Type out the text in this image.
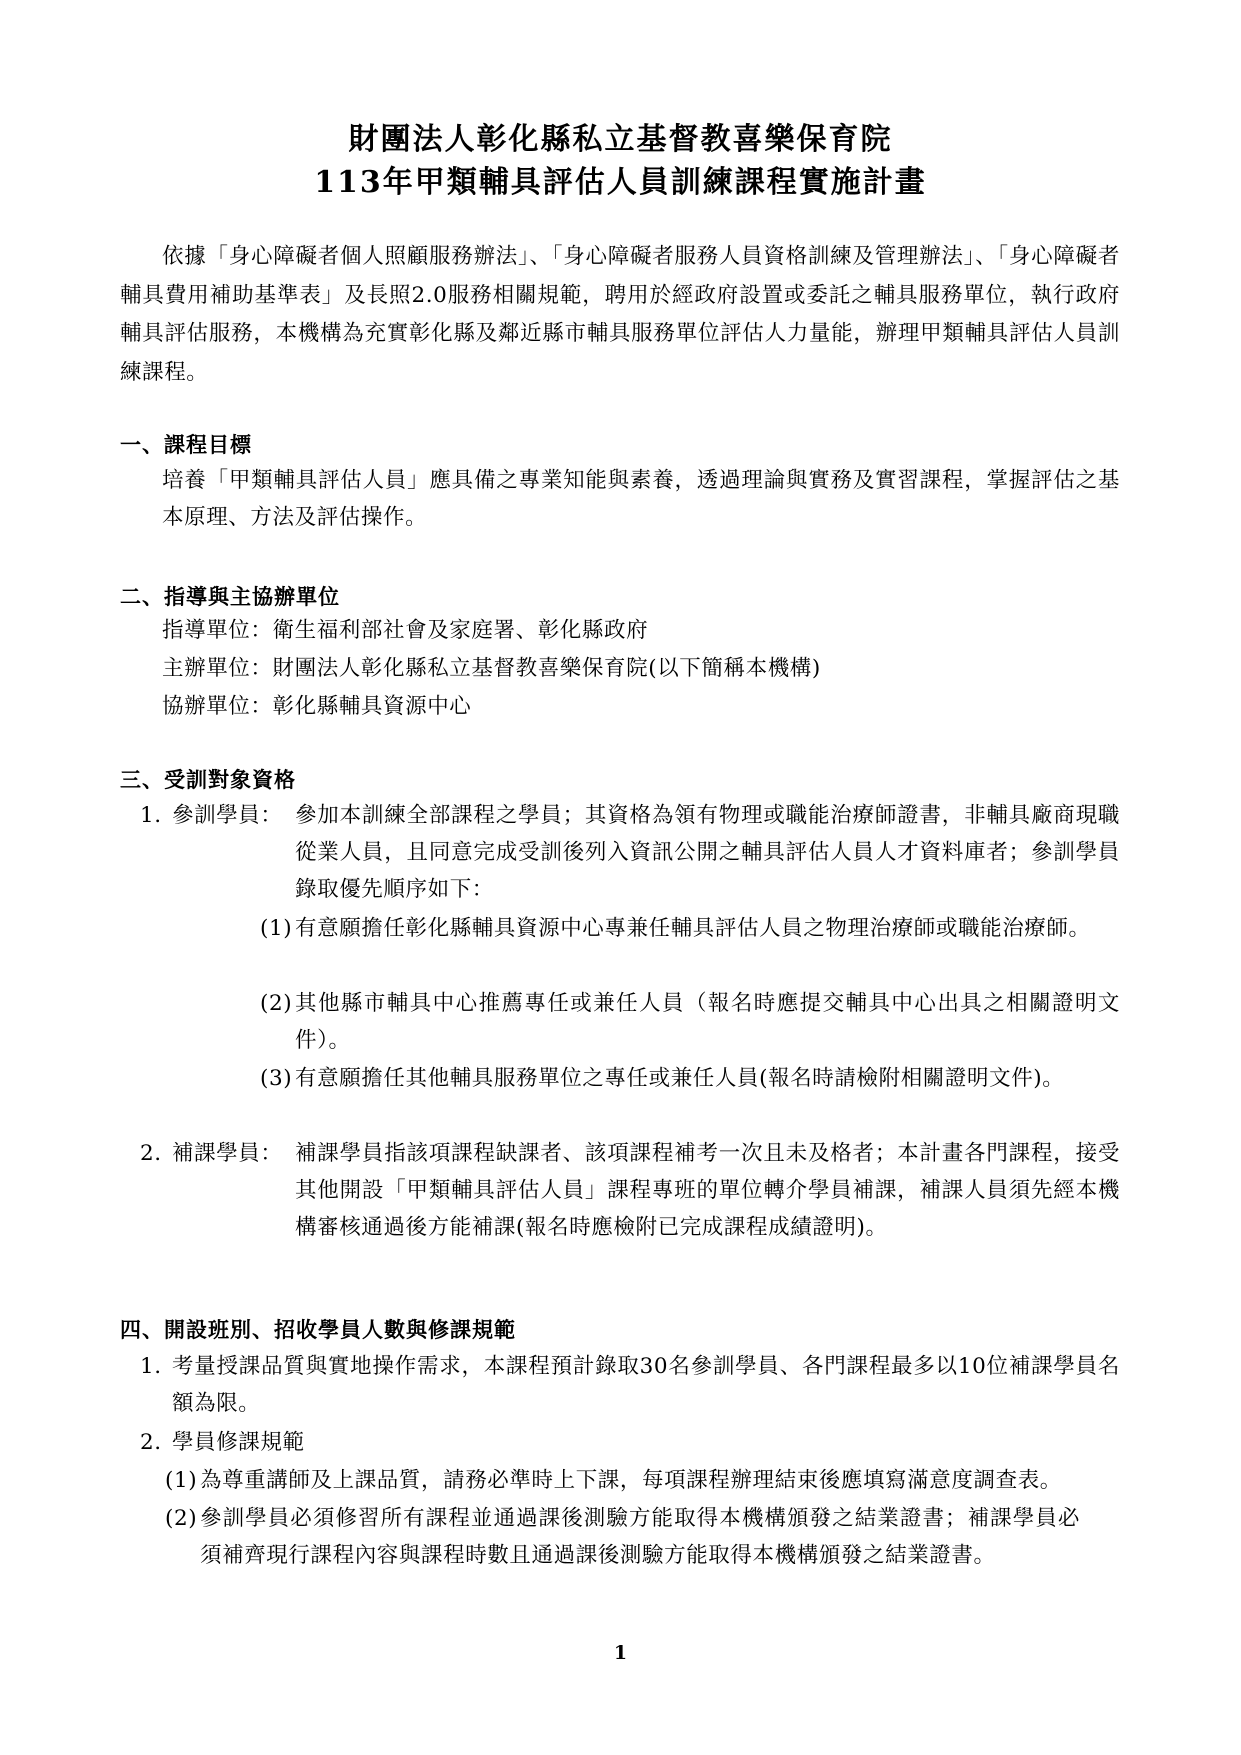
財團法人彰化縣私立基督教喜樂保育院
113年甲類輔具評估人員訓練課程實施計畫
依據「身心障礙者個人照顧服務辦法」、「身心障礙者服務人員資格訓練及管理辦法」、「身心障礙者輔具費用補助基準表」及長照2.0服務相關規範，聘用於經政府設置或委託之輔具服務單位，執行政府輔具評估服務，本機構為充實彰化縣及鄰近縣市輔具服務單位評估人力量能，辦理甲類輔具評估人員訓練課程。
一、課程目標
培養「甲類輔具評估人員」應具備之專業知能與素養，透過理論與實務及實習課程，掌握評估之基本原理、方法及評估操作。
二、指導與主協辦單位
指導單位：衛生福利部社會及家庭署、彰化縣政府
主辦單位：財團法人彰化縣私立基督教喜樂保育院(以下簡稱本機構)
協辦單位：彰化縣輔具資源中心
三、受訓對象資格
1. 參訓學員： 參加本訓練全部課程之學員；其資格為領有物理或職能治療師證書，非輔具廠商現職從業人員，且同意完成受訓後列入資訊公開之輔具評估人員人才資料庫者；參訓學員錄取優先順序如下：
(1) 有意願擔任彰化縣輔具資源中心專兼任輔具評估人員之物理治療師或職能治療師。
(2) 其他縣市輔具中心推薦專任或兼任人員（報名時應提交輔具中心出具之相關證明文件）。
(3) 有意願擔任其他輔具服務單位之專任或兼任人員(報名時請檢附相關證明文件)。
2. 補課學員： 補課學員指該項課程缺課者、該項課程補考一次且未及格者；本計畫各門課程，接受其他開設「甲類輔具評估人員」課程專班的單位轉介學員補課，補課人員須先經本機構審核通過後方能補課(報名時應檢附已完成課程成績證明)。
四、開設班別、招收學員人數與修課規範
1. 考量授課品質與實地操作需求，本課程預計錄取30名參訓學員、各門課程最多以10位補課學員名額為限。
2. 學員修課規範
(1) 為尊重講師及上課品質，請務必準時上下課，每項課程辦理結束後應填寫滿意度調查表。
(2) 參訓學員必須修習所有課程並通過課後測驗方能取得本機構頒發之結業證書；補課學員必須補齊現行課程內容與課程時數且通過課後測驗方能取得本機構頒發之結業證書。
1
